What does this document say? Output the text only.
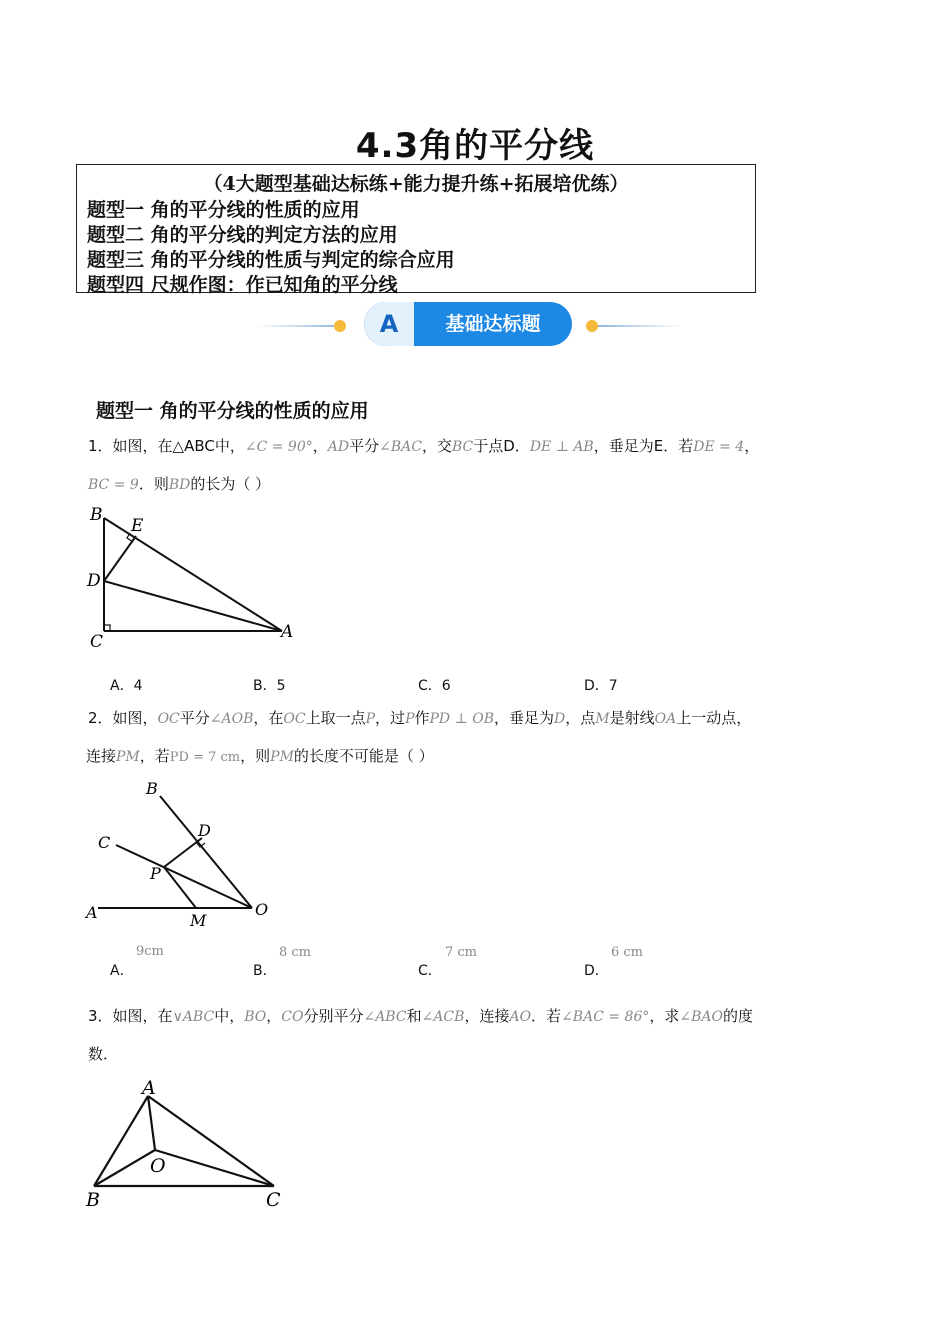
4.3角的平分线
（4大题型基础达标练+能力提升练+拓展培优练）
题型一 角的平分线的性质的应用
题型二 角的平分线的判定方法的应用
题型三 角的平分线的性质与判定的综合应用
题型四 尺规作图：作已知角的平分线
A	基础达标题
题型一 角的平分线的性质的应用
1．如图，在△ABC中，∠C = 90°，AD平分∠BAC，交BC于点D．DE ⊥ AB，垂足为E．若DE = 4，
BC = 9．则BD的长为（ ）
B
E
D
C	A
A．4	B．5	C．6	D．7
2．如图，OC平分∠AOB，在OC上取一点P，过P作PD ⊥ OB，垂足为D，点M是射线OA上一动点，
连接PM，若PD = 7 cm，则PM的长度不可能是（ ）
B
D
C
P
A	M
O
A．
9cm
B．
8 cm
C．
7 cm
D．
6 cm
3．如图，在∨ABC中，BO，CO分别平分∠ABC和∠ACB，连接AO．若∠BAC = 86°，求∠BAO的度
数．
A
O
B	C
